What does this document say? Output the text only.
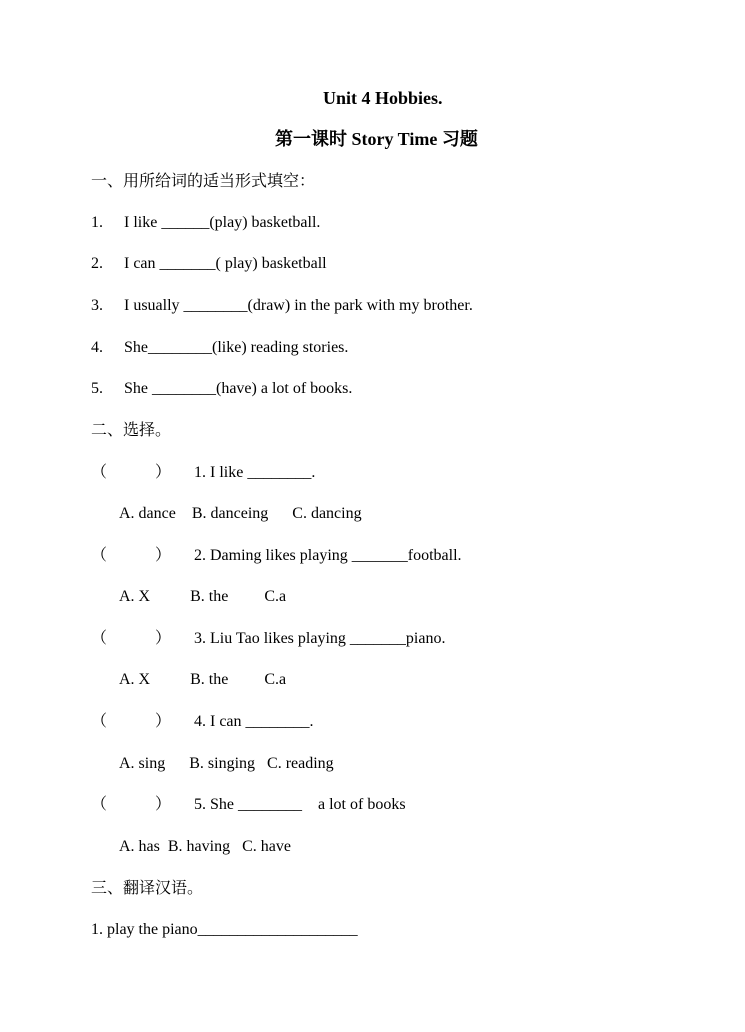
Unit 4 Hobbies.
第一课时 Story Time 习题
一、用所给词的适当形式填空：
1. I like ______(play) basketball.
2. I can _______( play) basketball
3. I usually ________(draw) in the park with my brother.
4. She________(like) reading stories.
5. She ________(have) a lot of books.
二、选择。
（            ） 1. I like ________.
A. dance    B. danceing      C. dancing
（            ） 2. Daming likes playing _______football.
A. X          B. the         C.a
（            ） 3. Liu Tao likes playing _______piano.
A. X          B. the         C.a
（            ） 4. I can ________.
A. sing      B. singing   C. reading
（            ） 5. She ________    a lot of books
A. has  B. having   C. have
三、翻译汉语。
1. play the piano____________________
